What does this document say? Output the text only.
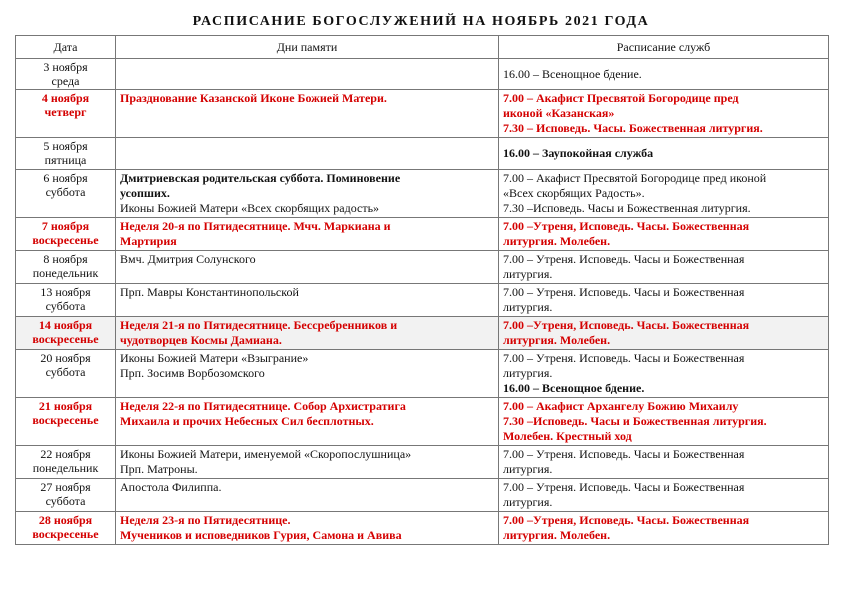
РАСПИСАНИЕ БОГОСЛУЖЕНИЙ НА НОЯБРЬ 2021 ГОДА
Дата	Дни памяти	Расписание служб

3 ноября
среда		16.00 – Всенощное бдение.

4 ноября
четверг	Празднование Казанской Иконе Божией Матери.	7.00 – Акафист Пресвятой Богородице пред
иконой «Казанская»
7.30 – Исповедь. Часы. Божественная литургия.

5 ноября
пятница		16.00 – Заупокойная служба

6 ноября
суббота	Дмитриевская родительская суббота. Поминовение
усопших.
Иконы Божией Матери «Всех скорбящих радость»	7.00 – Акафист Пресвятой Богородице пред иконой
«Всех скорбящих Радость».
7.30 –Исповедь. Часы и Божественная литургия.

7 ноября
воскресенье	Неделя 20-я по Пятидесятнице. Мчч. Маркиана и
Мартирия	7.00 –Утреня, Исповедь. Часы. Божественная
литургия. Молебен.

8 ноября
понедельник	Вмч. Дмитрия Солунского	7.00 – Утреня. Исповедь. Часы и Божественная
литургия.

13 ноября
суббота	Прп. Мавры Константинопольской	7.00 – Утреня. Исповедь. Часы и Божественная
литургия.

14 ноября
воскресенье	Неделя 21-я по Пятидесятнице. Бессребренников и
чудотворцев Космы Дамиана.	7.00 –Утреня, Исповедь. Часы. Божественная
литургия. Молебен.

20 ноября
суббота	Иконы Божией Матери «Взыграние»
Прп. Зосимв Ворбозомского	7.00 – Утреня. Исповедь. Часы и Божественная
литургия.
16.00 – Всенощное бдение.

21 ноября
воскресенье	Неделя 22-я по Пятидесятнице. Собор Архистратига
Михаила и прочих Небесных Сил бесплотных.	7.00 – Акафист Архангелу Божию Михаилу
7.30 –Исповедь. Часы и Божественная литургия.
Молебен. Крестный ход

22 ноября
понедельник	Иконы Божией Матери, именуемой «Скоропослушница»
Прп. Матроны.	7.00 – Утреня. Исповедь. Часы и Божественная
литургия.

27 ноября
суббота	Апостола Филиппа.	7.00 – Утреня. Исповедь. Часы и Божественная
литургия.

28 ноября
воскресенье	Неделя 23-я по Пятидесятнице.
Мучеников и исповедников Гурия, Самона и Авива	7.00 –Утреня, Исповедь. Часы. Божественная
литургия. Молебен.
